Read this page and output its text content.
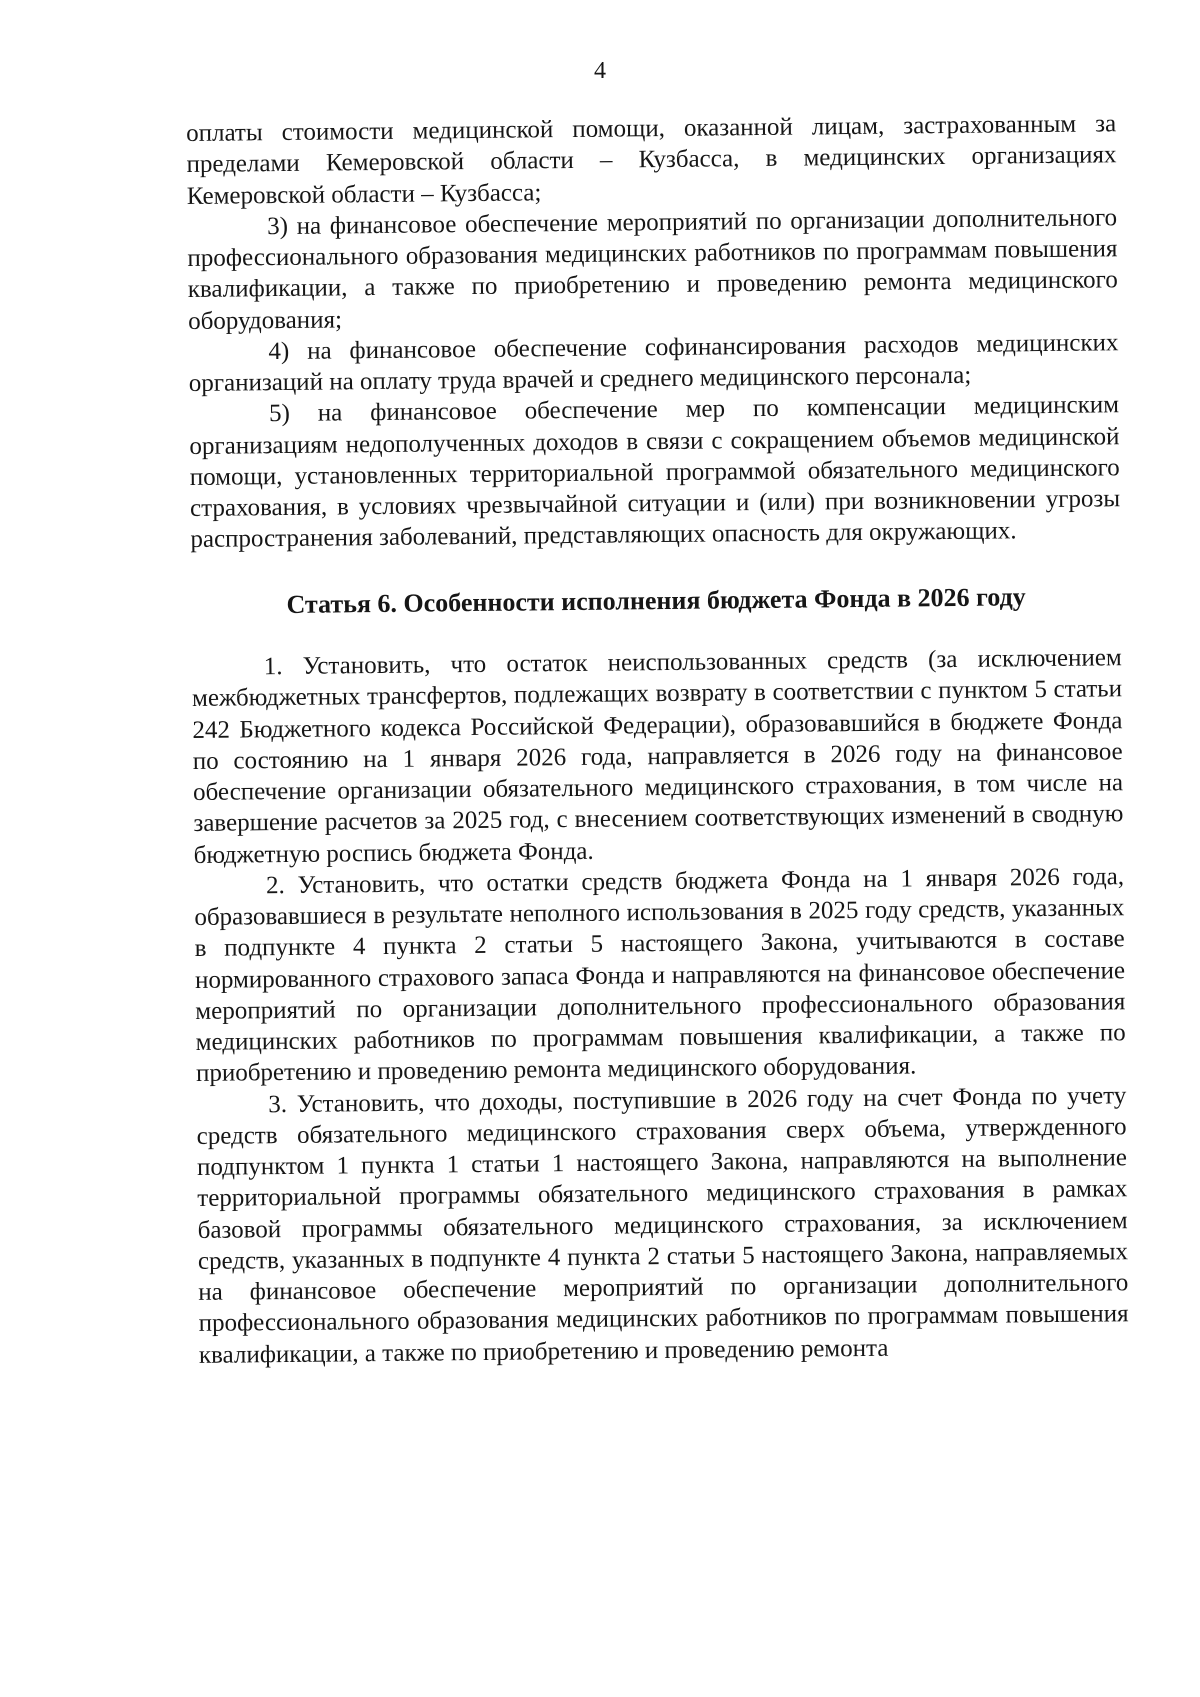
4

оплаты стоимости медицинской помощи, оказанной лицам, застрахованным за пределами Кемеровской области – Кузбасса, в медицинских организациях Кемеровской области – Кузбасса;

3) на финансовое обеспечение мероприятий по организации дополнительного профессионального образования медицинских работников по программам повышения квалификации, а также по приобретению и проведению ремонта медицинского оборудования;

4) на финансовое обеспечение софинансирования расходов медицинских организаций на оплату труда врачей и среднего медицинского персонала;

5) на финансовое обеспечение мер по компенсации медицинским организациям недополученных доходов в связи с сокращением объемов медицинской помощи, установленных территориальной программой обязательного медицинского страхования, в условиях чрезвычайной ситуации и (или) при возникновении угрозы распространения заболеваний, представляющих опасность для окружающих.

Статья 6. Особенности исполнения бюджета Фонда в 2026 году

1. Установить, что остаток неиспользованных средств (за исключением межбюджетных трансфертов, подлежащих возврату в соответствии с пунктом 5 статьи 242 Бюджетного кодекса Российской Федерации), образовавшийся в бюджете Фонда по состоянию на 1 января 2026 года, направляется в 2026 году на финансовое обеспечение организации обязательного медицинского страхования, в том числе на завершение расчетов за 2025 год, с внесением соответствующих изменений в сводную бюджетную роспись бюджета Фонда.

2. Установить, что остатки средств бюджета Фонда на 1 января 2026 года, образовавшиеся в результате неполного использования в 2025 году средств, указанных в подпункте 4 пункта 2 статьи 5 настоящего Закона, учитываются в составе нормированного страхового запаса Фонда и направляются на финансовое обеспечение мероприятий по организации дополнительного профессионального образования медицинских работников по программам повышения квалификации, а также по приобретению и проведению ремонта медицинского оборудования.

3. Установить, что доходы, поступившие в 2026 году на счет Фонда по учету средств обязательного медицинского страхования сверх объема, утвержденного подпунктом 1 пункта 1 статьи 1 настоящего Закона, направляются на выполнение территориальной программы обязательного медицинского страхования в рамках базовой программы обязательного медицинского страхования, за исключением средств, указанных в подпункте 4 пункта 2 статьи 5 настоящего Закона, направляемых на финансовое обеспечение мероприятий по организации дополнительного профессионального образования медицинских работников по программам повышения квалификации, а также по приобретению и проведению ремонта
